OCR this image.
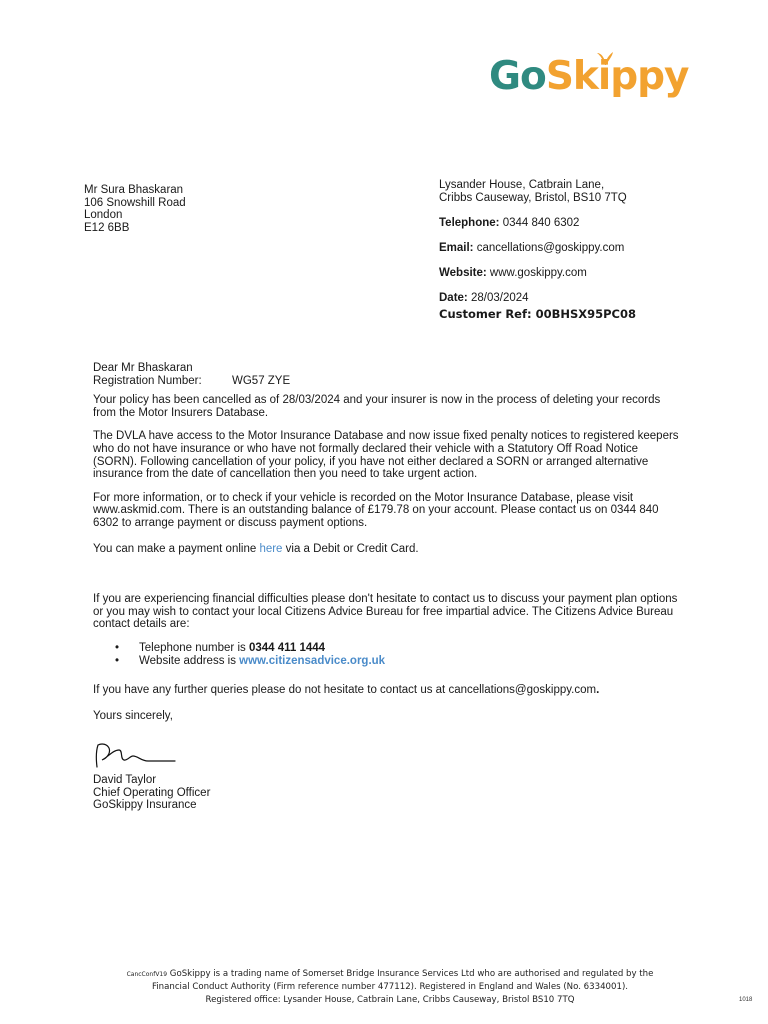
GoSkippy
Mr Sura Bhaskaran
106 Snowshill Road
London
E12 6BB
Lysander House, Catbrain Lane,
Cribbs Causeway, Bristol, BS10 7TQ
Telephone: 0344 840 6302
Email: cancellations@goskippy.com
Website: www.goskippy.com
Date: 28/03/2024
Customer Ref: 00BHSX95PC08

Dear Mr Bhaskaran

Registration Number:	WG57 ZYE

Your policy has been cancelled as of 28/03/2024 and your insurer is now in the process of deleting your records from the Motor Insurers Database.

The DVLA have access to the Motor Insurance Database and now issue fixed penalty notices to registered keepers who do not have insurance or who have not formally declared their vehicle with a Statutory Off Road Notice (SORN). Following cancellation of your policy, if you have not either declared a SORN or arranged alternative insurance from the date of cancellation then you need to take urgent action.

For more information, or to check if your vehicle is recorded on the Motor Insurance Database, please visit www.askmid.com. There is an outstanding balance of £179.78 on your account. Please contact us on 0344 840 6302 to arrange payment or discuss payment options.

You can make a payment online here via a Debit or Credit Card.

If you are experiencing financial difficulties please don't hesitate to contact us to discuss your payment plan options or you may wish to contact your local Citizens Advice Bureau for free impartial advice. The Citizens Advice Bureau contact details are:

• Telephone number is 0344 411 1444
• Website address is www.citizensadvice.org.uk

If you have any further queries please do not hesitate to contact us at cancellations@goskippy.com.

Yours sincerely,

David Taylor
Chief Operating Officer
GoSkippy Insurance
CancConfV19 GoSkippy is a trading name of Somerset Bridge Insurance Services Ltd who are authorised and regulated by the
Financial Conduct Authority (Firm reference number 477112). Registered in England and Wales (No. 6334001).
Registered office: Lysander House, Catbrain Lane, Cribbs Causeway, Bristol BS10 7TQ	1018
